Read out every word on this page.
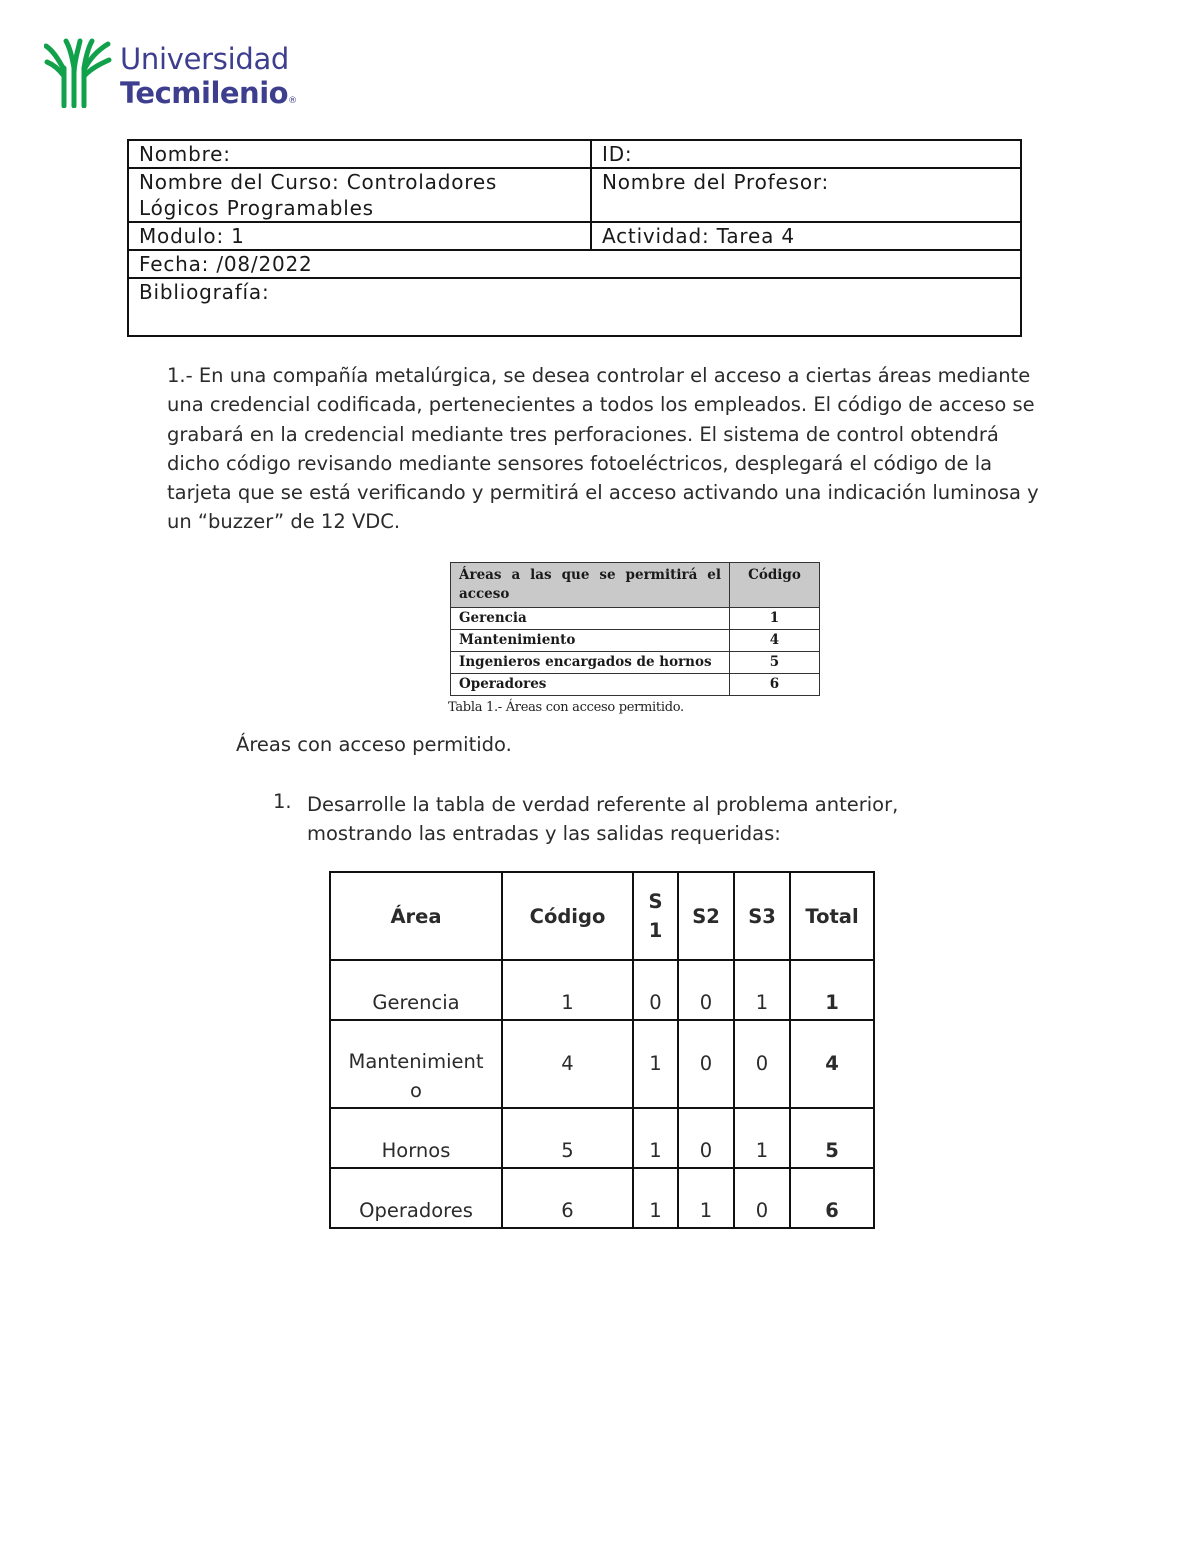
Universidad
Tecmilenio®
Nombre:	ID:
Nombre del Curso: Controladores Lógicos Programables	Nombre del Profesor:
Modulo: 1	Actividad: Tarea 4
Fecha: /08/2022	
Bibliografía:	
1.- En una compañía metalúrgica, se desea controlar el acceso a ciertas áreas mediante una credencial codificada, pertenecientes a todos los empleados. El código de acceso se grabará en la credencial mediante tres perforaciones. El sistema de control obtendrá dicho código revisando mediante sensores fotoeléctricos, desplegará el código de la tarjeta que se está verificando y permitirá el acceso activando una indicación luminosa y un “buzzer” de 12 VDC.
Áreas a las que se permitirá el acceso	Código
Gerencia	1
Mantenimiento	4
Ingenieros encargados de hornos	5
Operadores	6
Tabla 1.- Áreas con acceso permitido.
Áreas con acceso permitido.
1. Desarrolle la tabla de verdad referente al problema anterior, mostrando las entradas y las salidas requeridas:
Área	Código	S1	S2	S3	Total
Gerencia	1	0	0	1	1
Mantenimiento	4	1	0	0	4
Hornos	5	1	0	1	5
Operadores	6	1	1	0	6
